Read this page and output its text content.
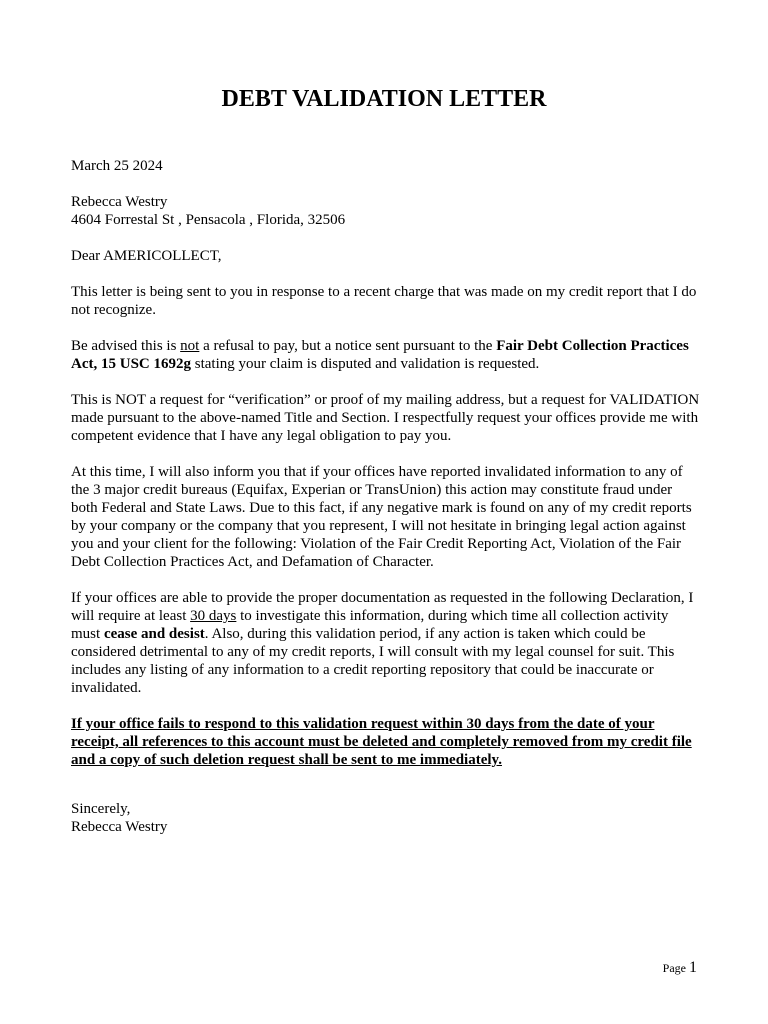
DEBT VALIDATION LETTER

March 25 2024

Rebecca Westry

4604 Forrestal St , Pensacola , Florida, 32506

Dear AMERICOLLECT,

This letter is being sent to you in response to a recent charge that was made on my credit report that I do not recognize.

Be advised this is not a refusal to pay, but a notice sent pursuant to the Fair Debt Collection Practices Act, 15 USC 1692g stating your claim is disputed and validation is requested.

This is NOT a request for “verification” or proof of my mailing address, but a request for VALIDATION made pursuant to the above-named Title and Section. I respectfully request your offices provide me with competent evidence that I have any legal obligation to pay you.

At this time, I will also inform you that if your offices have reported invalidated information to any of the 3 major credit bureaus (Equifax, Experian or TransUnion) this action may constitute fraud under both Federal and State Laws. Due to this fact, if any negative mark is found on any of my credit reports by your company or the company that you represent, I will not hesitate in bringing legal action against you and your client for the following: Violation of the Fair Credit Reporting Act, Violation of the Fair Debt Collection Practices Act, and Defamation of Character.

If your offices are able to provide the proper documentation as requested in the following Declaration, I will require at least 30 days to investigate this information, during which time all collection activity must cease and desist. Also, during this validation period, if any action is taken which could be considered detrimental to any of my credit reports, I will consult with my legal counsel for suit. This includes any listing of any information to a credit reporting repository that could be inaccurate or invalidated.

If your office fails to respond to this validation request within 30 days from the date of your receipt, all references to this account must be deleted and completely removed from my credit file and a copy of such deletion request shall be sent to me immediately.

Sincerely,

Rebecca Westry

Page 1
